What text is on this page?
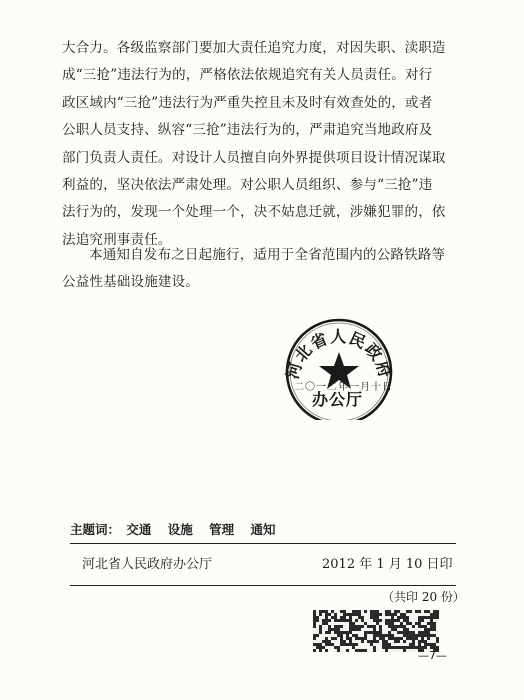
大合力。各级监察部门要加大责任追究力度，对因失职、渎职造
成“三抢”违法行为的，严格依法依规追究有关人员责任。对行
政区域内“三抢”违法行为严重失控且未及时有效查处的，或者
公职人员支持、纵容“三抢”违法行为的，严肃追究当地政府及
部门负责人责任。对设计人员擅自向外界提供项目设计情况谋取
利益的，坚决依法严肃处理。对公职人员组织、参与“三抢”违
法行为的，发现一个处理一个，决不姑息迁就，涉嫌犯罪的，依
法追究刑事责任。

本通知自发布之日起施行，适用于全省范围内的公路铁路等
公益性基础设施建设。

河北省人民政府
二〇一二年一月十日
办公厅
主题词： 交通 设施 管理 通知
河北省人民政府办公厅	2012 年 1 月 10 日印
（共印 20 份）
—7—
